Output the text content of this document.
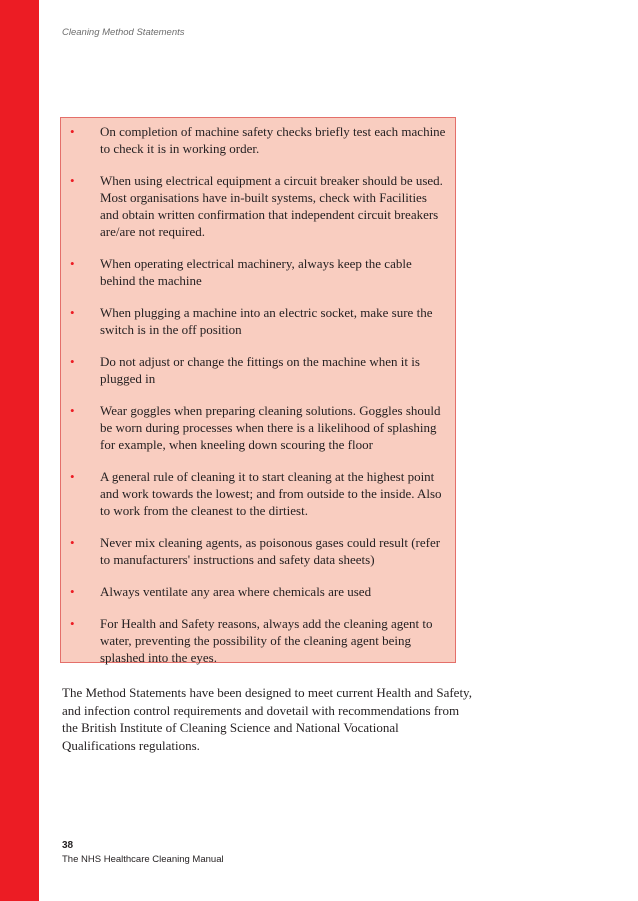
Cleaning Method Statements
• On completion of machine safety checks briefly test each machine to check it is in working order.
• When using electrical equipment a circuit breaker should be used. Most organisations have in-built systems, check with Facilities and obtain written confirmation that independent circuit breakers are/are not required.
• When operating electrical machinery, always keep the cable behind the machine
• When plugging a machine into an electric socket, make sure the switch is in the off position
• Do not adjust or change the fittings on the machine when it is plugged in
• Wear goggles when preparing cleaning solutions. Goggles should be worn during processes when there is a likelihood of splashing for example, when kneeling down scouring the floor
• A general rule of cleaning it to start cleaning at the highest point and work towards the lowest; and from outside to the inside. Also to work from the cleanest to the dirtiest.
• Never mix cleaning agents, as poisonous gases could result (refer to manufacturers' instructions and safety data sheets)
• Always ventilate any area where chemicals are used
• For Health and Safety reasons, always add the cleaning agent to water, preventing the possibility of the cleaning agent being splashed into the eyes.

The Method Statements have been designed to meet current Health and Safety, and infection control requirements and dovetail with recommendations from the British Institute of Cleaning Science and National Vocational Qualifications regulations.

38
The NHS Healthcare Cleaning Manual
